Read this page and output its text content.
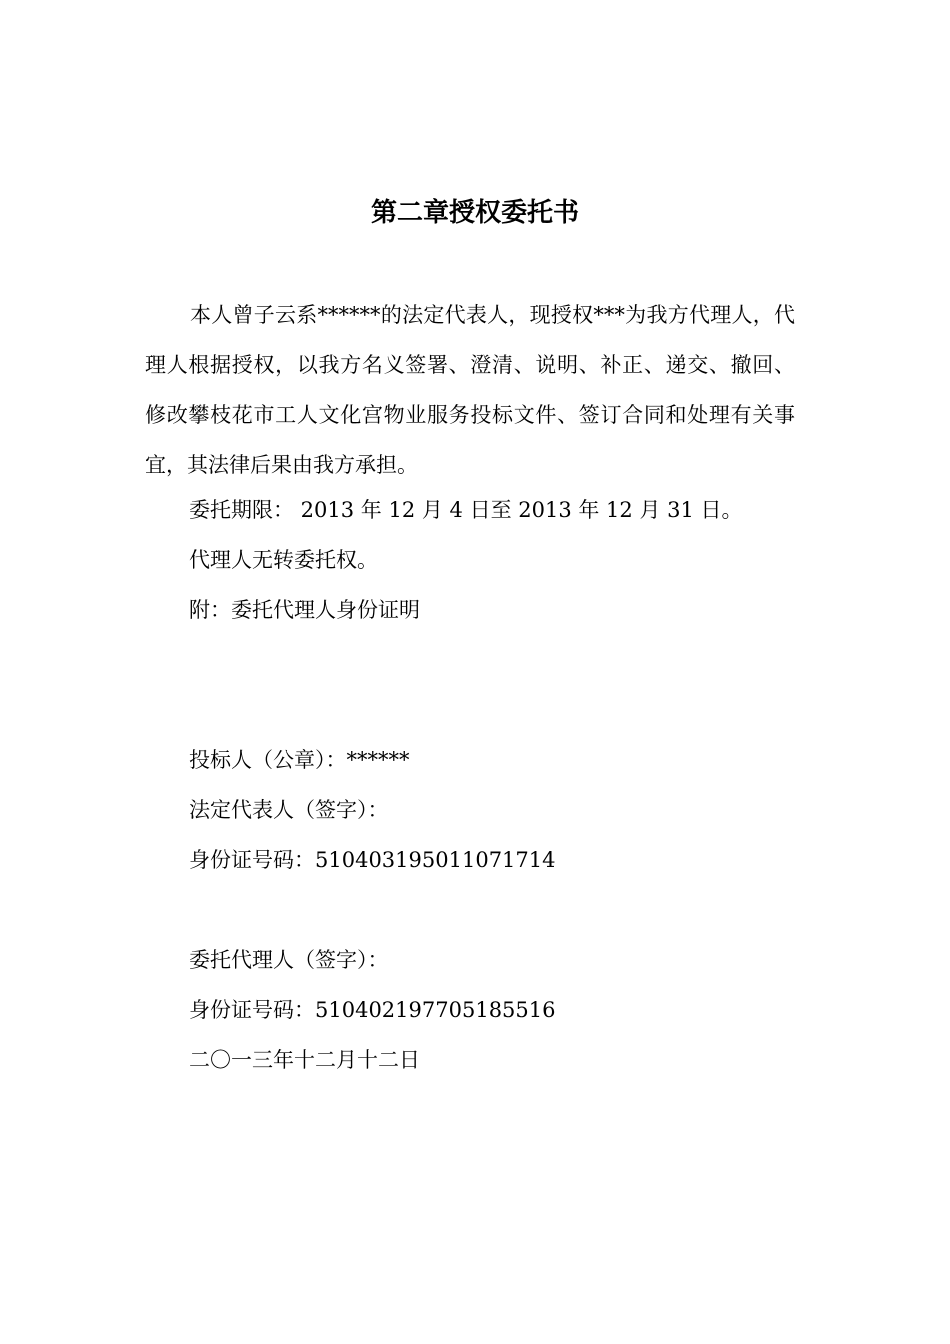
第二章授权委托书
本人曾子云系******的法定代表人，现授权***为我方代理人，代理人根据授权，以我方名义签署、澄清、说明、补正、递交、撤回、修改攀枝花市工人文化宫物业服务投标文件、签订合同和处理有关事宜，其法律后果由我方承担。
委托期限： 2013 年 12 月 4 日至 2013 年 12 月 31 日。
代理人无转委托权。
附：委托代理人身份证明
投标人（公章）：******
法定代表人（签字）：
身份证号码：510403195011071714
委托代理人（签字）：
身份证号码：510402197705185516
二〇一三年十二月十二日
